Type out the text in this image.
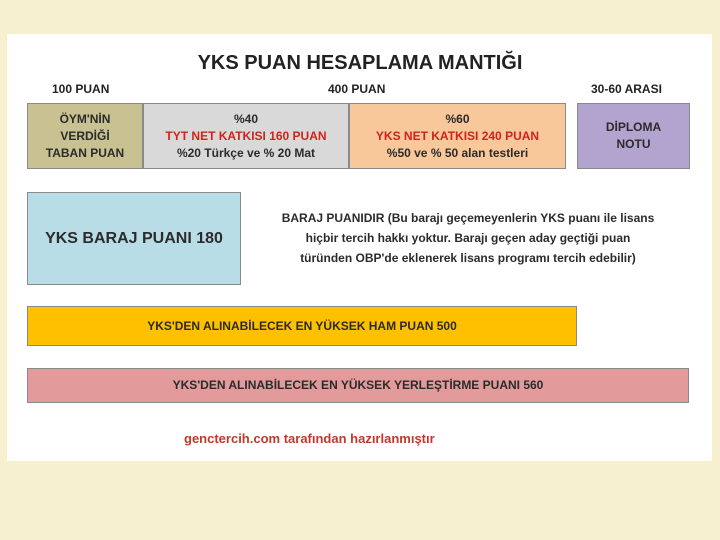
YKS PUAN HESAPLAMA MANTIĞI
100 PUAN	400 PUAN	30-60 ARASI
ÖYM'NİN
VERDİĞİ
TABAN PUAN
%40
TYT NET KATKISI 160 PUAN
%20 Türkçe ve % 20 Mat
%60
YKS NET KATKISI 240 PUAN
%50 ve % 50 alan testleri
DİPLOMA
NOTU
YKS BARAJ PUANI 180
BARAJ PUANIDIR (Bu barajı geçemeyenlerin YKS puanı ile lisans
hiçbir tercih hakkı yoktur. Barajı geçen aday geçtiği puan
türünden OBP'de eklenerek lisans programı tercih edebilir)
YKS'DEN ALINABİLECEK EN YÜKSEK HAM PUAN 500
YKS'DEN ALINABİLECEK EN YÜKSEK YERLEŞTİRME PUANI 560
genctercih.com tarafından hazırlanmıştır
